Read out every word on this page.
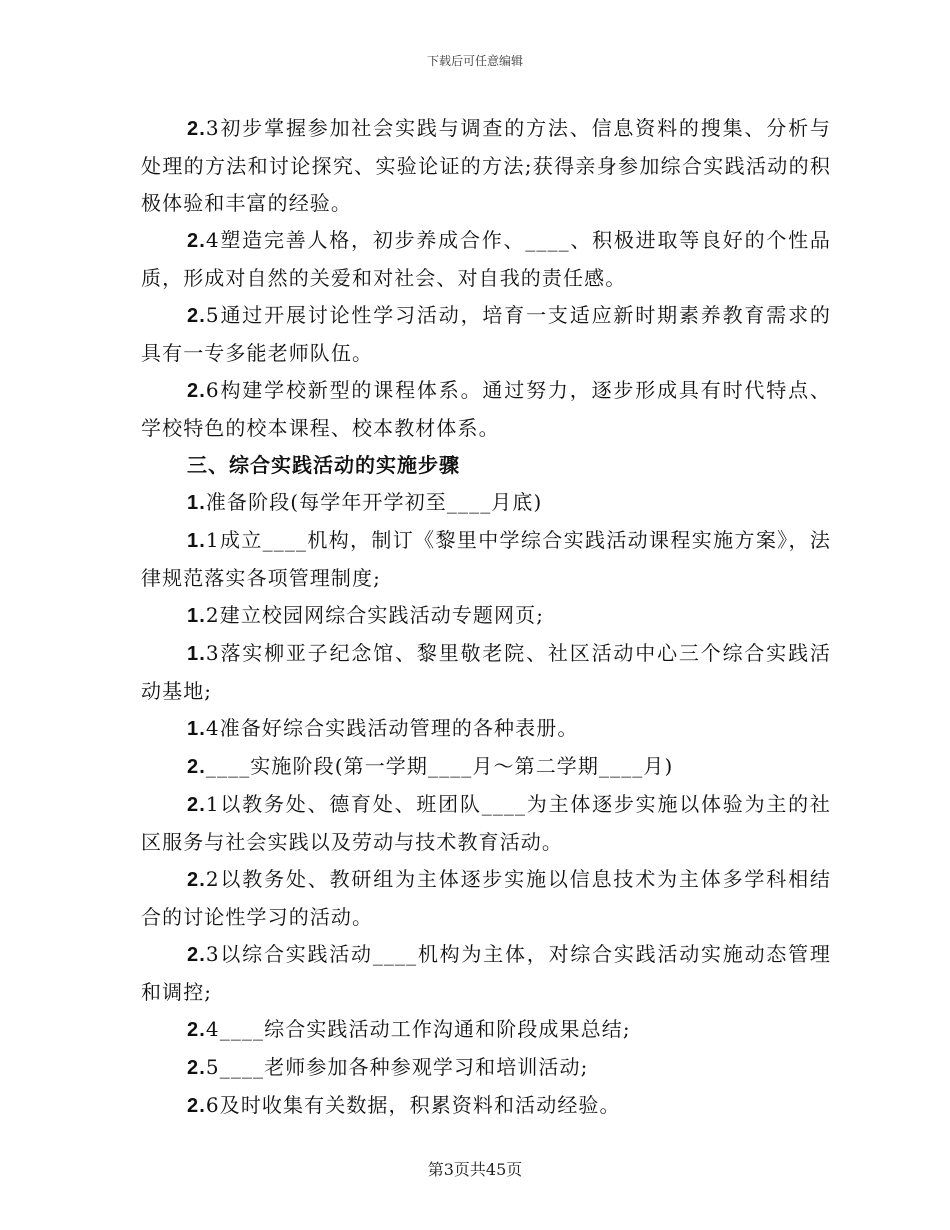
下载后可任意编辑

2.3初步掌握参加社会实践与调查的方法、信息资料的搜集、分析与处理的方法和讨论探究、实验论证的方法;获得亲身参加综合实践活动的积极体验和丰富的经验。

2.4塑造完善人格，初步养成合作、____、积极进取等良好的个性品质，形成对自然的关爱和对社会、对自我的责任感。

2.5通过开展讨论性学习活动，培育一支适应新时期素养教育需求的具有一专多能老师队伍。

2.6构建学校新型的课程体系。通过努力，逐步形成具有时代特点、学校特色的校本课程、校本教材体系。

三、综合实践活动的实施步骤

1.准备阶段(每学年开学初至____月底)

1.1成立____机构，制订《黎里中学综合实践活动课程实施方案》，法律规范落实各项管理制度;

1.2建立校园网综合实践活动专题网页;

1.3落实柳亚子纪念馆、黎里敬老院、社区活动中心三个综合实践活动基地;

1.4准备好综合实践活动管理的各种表册。

2.____实施阶段(第一学期____月～第二学期____月)

2.1以教务处、德育处、班团队____为主体逐步实施以体验为主的社区服务与社会实践以及劳动与技术教育活动。

2.2以教务处、教研组为主体逐步实施以信息技术为主体多学科相结合的讨论性学习的活动。

2.3以综合实践活动____机构为主体，对综合实践活动实施动态管理和调控;

2.4____综合实践活动工作沟通和阶段成果总结;

2.5____老师参加各种参观学习和培训活动;

2.6及时收集有关数据，积累资料和活动经验。

第3页共45页
